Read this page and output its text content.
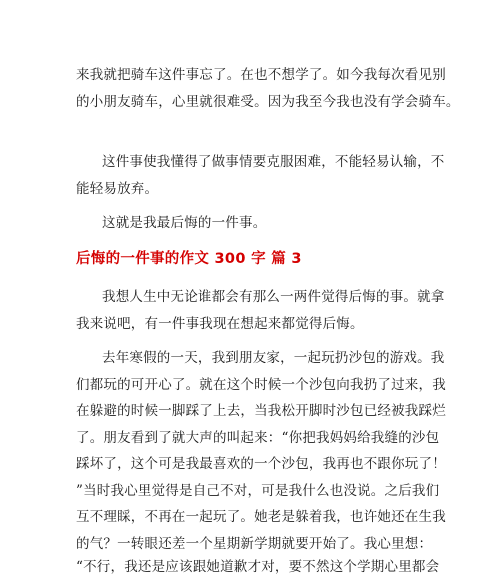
来我就把骑车这件事忘了。在也不想学了。如今我每次看见别
的小朋友骑车，心里就很难受。因为我至今我也没有学会骑车。
这件事使我懂得了做事情要克服困难，不能轻易认输，不
能轻易放弃。
这就是我最后悔的一件事。
后悔的一件事的作文 300 字 篇 3
我想人生中无论谁都会有那么一两件觉得后悔的事。就拿
我来说吧，有一件事我现在想起来都觉得后悔。
去年寒假的一天，我到朋友家，一起玩扔沙包的游戏。我
们都玩的可开心了。就在这个时候一个沙包向我扔了过来，我
在躲避的时候一脚踩了上去，当我松开脚时沙包已经被我踩烂
了。朋友看到了就大声的叫起来：“你把我妈妈给我缝的沙包
踩坏了，这个可是我最喜欢的一个沙包，我再也不跟你玩了！
”当时我心里觉得是自己不对，可是我什么也没说。之后我们
互不理睬，不再在一起玩了。她老是躲着我，也许她还在生我
的气？一转眼还差一个星期新学期就要开始了。我心里想：
“不行，我还是应该跟她道歉才对，要不然这个学期心里都会
